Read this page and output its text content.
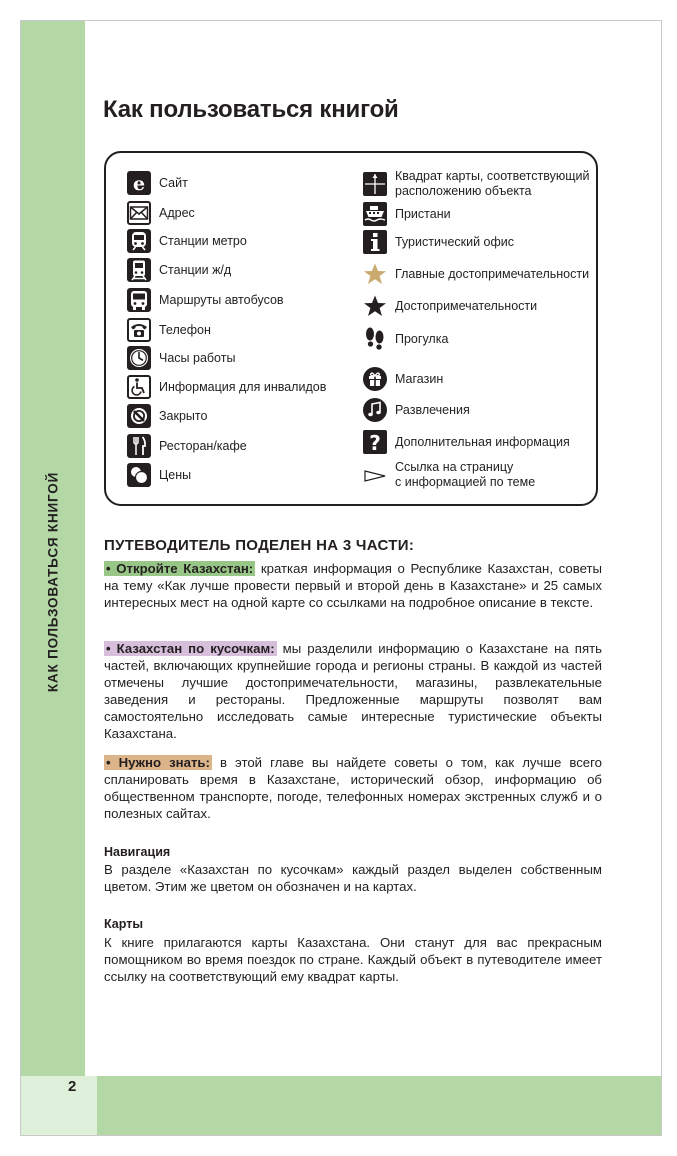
КАК ПОЛЬЗОВАТЬСЯ КНИГОЙ
2
Как пользоваться книгой
e Сайт
Адрес
Станции метро
Станции ж/д
Маршруты автобусов
Телефон
Часы работы
Информация для инвалидов
Закрыто
Ресторан/кафе
Цены
Квадрат карты, соответствующий
расположению объекта
Пристани
Туристический офис
Главные достопримечательности
Достопримечательности
Прогулка
Магазин
Развлечения
? Дополнительная информация
Ссылка на страницу
с информацией по теме
ПУТЕВОДИТЕЛЬ ПОДЕЛЕН НА 3 ЧАСТИ:
• Откройте Казахстан: краткая информация о Республике Казахстан, советы на тему «Как лучше провести первый и второй день в Казахстане» и 25 самых интересных мест на одной карте со ссылками на подробное описание в тексте.
• Казахстан по кусочкам: мы разделили информацию о Казахстане на пять частей, включающих крупнейшие города и регионы страны. В каждой из частей отмечены лучшие достопримечательности, магазины, развлекательные заведения и рестораны. Предложенные маршруты позволят вам самостоятельно исследовать самые интересные туристические объекты Казахстана.
• Нужно знать: в этой главе вы найдете советы о том, как лучше всего спланировать время в Казахстане, исторический обзор, информацию об общественном транспорте, погоде, телефонных номерах экстренных служб и о полезных сайтах.
Навигация
В разделе «Казахстан по кусочкам» каждый раздел выделен собственным цветом. Этим же цветом он обозначен и на картах.
Карты
К книге прилагаются карты Казахстана. Они станут для вас прекрасным помощником во время поездок по стране. Каждый объект в путеводителе имеет ссылку на соответствующий ему квадрат карты.
